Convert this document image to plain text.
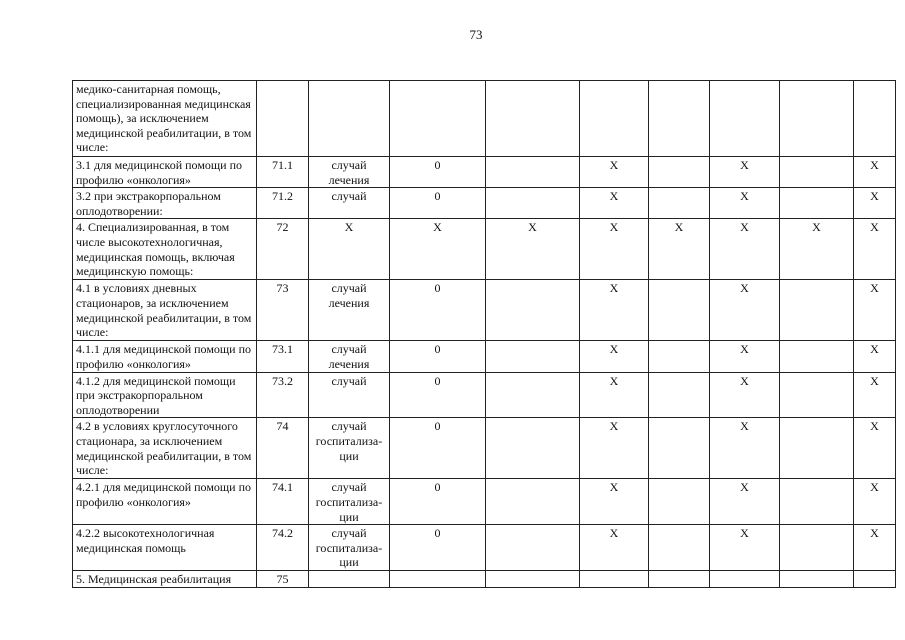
73
медико-санитарная помощь, специализированная медицинская помощь), за исключением медицинской реабилитации, в том числе:									
3.1 для медицинской помощи по профилю «онкология»	71.1	случай лечения	0		X		X		X
3.2 при экстракорпоральном оплодотворении:	71.2	случай	0		X		X		X
4. Специализированная, в том числе высокотехнологичная, медицинская помощь, включая медицинскую помощь:	72	X	X	X	X	X	X	X	X
4.1 в условиях дневных стационаров, за исключением медицинской реабилитации, в том числе:	73	случай лечения	0		X		X		X
4.1.1 для медицинской помощи по профилю «онкология»	73.1	случай лечения	0		X		X		X
4.1.2 для медицинской помощи при экстракорпоральном оплодотворении	73.2	случай	0		X		X		X
4.2 в условиях круглосуточного стационара, за исключением медицинской реабилитации, в том числе:	74	случай госпитализа-ции	0		X		X		X
4.2.1 для медицинской помощи по профилю «онкология»	74.1	случай госпитализа-ции	0		X		X		X
4.2.2 высокотехнологичная медицинская помощь	74.2	случай госпитализа-ции	0		X		X		X
5. Медицинская реабилитация	75								
